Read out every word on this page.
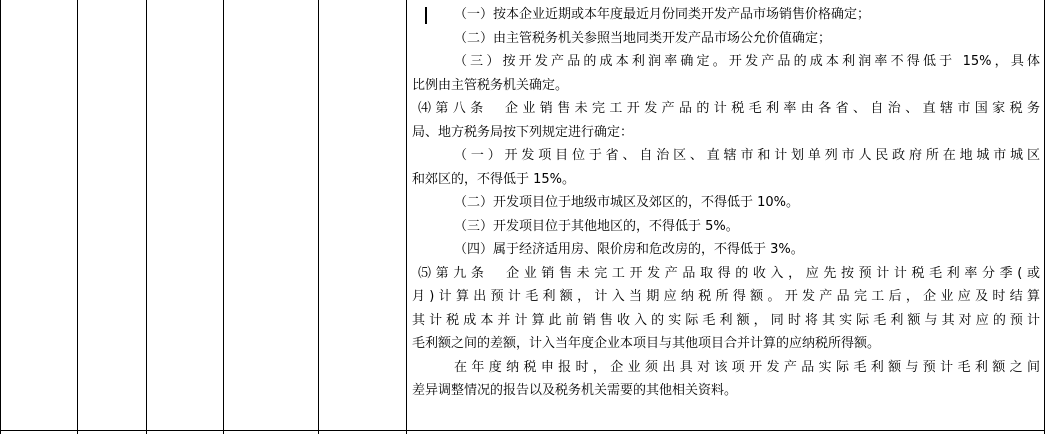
（一）按本企业近期或本年度最近月份同类开发产品市场销售价格确定；
（二）由主管税务机关参照当地同类开发产品市场公允价值确定；
（三）按开发产品的成本利润率确定。开发产品的成本利润率不得低于 15%，具体
比例由主管税务机关确定。
⑷第八条　企业销售未完工开发产品的计税毛利率由各省、自治、直辖市国家税务
局、地方税务局按下列规定进行确定：
（一）开发项目位于省、自治区、直辖市和计划单列市人民政府所在地城市城区
和郊区的，不得低于 15%。
（二）开发项目位于地级市城区及郊区的，不得低于 10%。
（三）开发项目位于其他地区的，不得低于 5%。
（四）属于经济适用房、限价房和危改房的，不得低于 3%。
⑸第九条　企业销售未完工开发产品取得的收入，应先按预计计税毛利率分季(或
月)计算出预计毛利额，计入当期应纳税所得额。开发产品完工后，企业应及时结算
其计税成本并计算此前销售收入的实际毛利额，同时将其实际毛利额与其对应的预计
毛利额之间的差额，计入当年度企业本项目与其他项目合并计算的应纳税所得额。
在年度纳税申报时，企业须出具对该项开发产品实际毛利额与预计毛利额之间
差异调整情况的报告以及税务机关需要的其他相关资料。
